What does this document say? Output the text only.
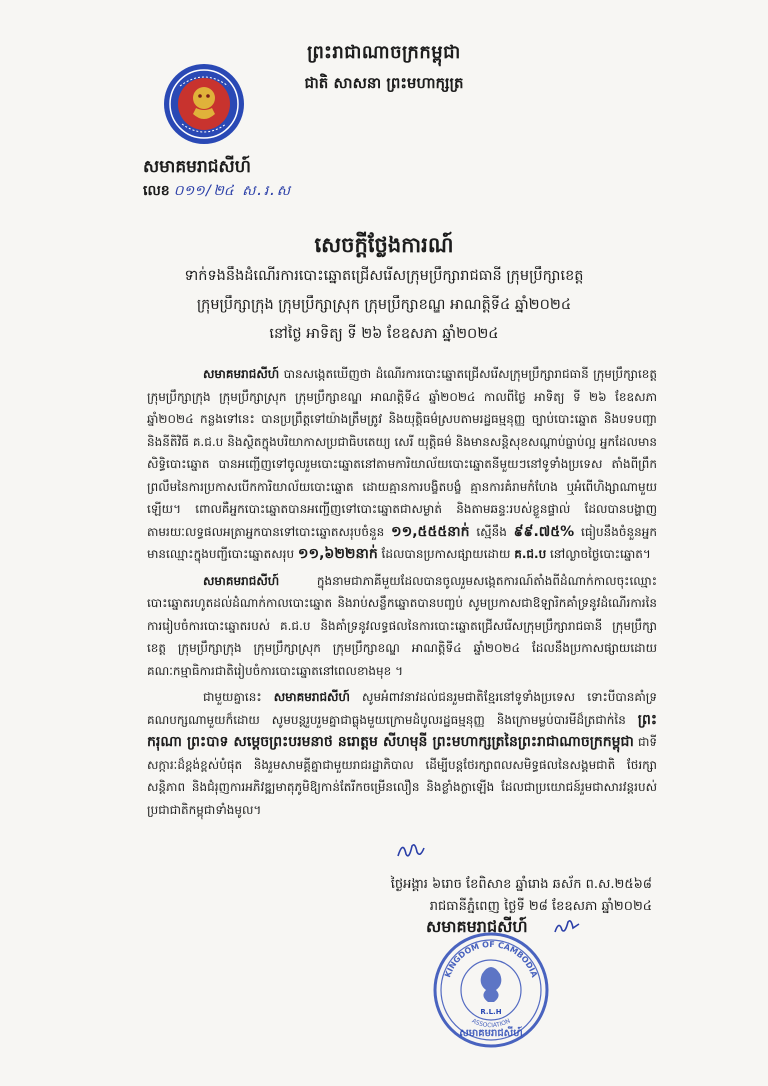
ព្រះរាជាណាចក្រកម្ពុជា
ជាតិ សាសនា ព្រះមហាក្សត្រ
សមាគមរាជសីហ៍
លេខ ០១១/២៤ ស.រ.ស
សេចក្តីថ្លែងការណ៍
ទាក់ទងនឹងដំណើរការបោះឆ្នោតជ្រើសរើសក្រុមប្រឹក្សារាជធានី ក្រុមប្រឹក្សាខេត្ត
ក្រុមប្រឹក្សាក្រុង ក្រុមប្រឹក្សាស្រុក ក្រុមប្រឹក្សាខណ្ឌ អាណត្តិទី៤ ឆ្នាំ២០២៤
នៅថ្ងៃ អាទិត្យ ទី ២៦ ខែឧសភា ឆ្នាំ២០២៤

សមាគមរាជសីហ៍ បានសង្កេតឃើញថា ដំណើរការបោះឆ្នោតជ្រើសរើសក្រុមប្រឹក្សារាជធានី ក្រុមប្រឹក្សាខេត្ត ក្រុមប្រឹក្សាក្រុង ក្រុមប្រឹក្សាស្រុក ក្រុមប្រឹក្សាខណ្ឌ អាណត្តិទី៤ ឆ្នាំ២០២៤ កាលពីថ្ងៃ អាទិត្យ ទី ២៦ ខែឧសភា ឆ្នាំ២០២៤ កន្លងទៅនេះ បានប្រព្រឹត្តទៅយ៉ាងត្រឹមត្រូវ និងយុត្តិធម៌ស្របតាមរដ្ឋធម្មនុញ្ញ ច្បាប់បោះឆ្នោត និងបទបញ្ជានិងនីតិវិធី គ.ជ.ប និងស្ថិតក្នុងបរិយាកាសប្រជាធិបតេយ្យ សេរី យុត្តិធម៌ និងមានសន្តិសុខសណ្តាប់ធ្នាប់ល្អ អ្នកដែលមានសិទ្ធិបោះឆ្នោត បានអញ្ជើញទៅចូលរួមបោះឆ្នោតនៅតាមការិយាល័យបោះឆ្នោតនីមួយៗនៅទូទាំងប្រទេស តាំងពីព្រឹកព្រលឹមនៃការប្រកាសបើកការិយាល័យបោះឆ្នោត ដោយគ្មានការបង្ខិតបង្ខំ គ្មានការគំរាមកំហែង ឬអំពើហិង្សាណាមួយឡើយ។ ពោលគឺអ្នកបោះឆ្នោតបានអញ្ជើញទៅបោះឆ្នោតជាសម្ងាត់ និងតាមឆន្ទៈរបស់ខ្លួនផ្ទាល់ ដែលបានបង្ហាញតាមរយៈលទ្ធផលអត្រាអ្នកបានទៅបោះឆ្នោតសរុបចំនួន ១១,៥៥៥នាក់ ស្មើនឹង ៩៩.៧៥% ធៀបនឹងចំនួនអ្នកមានឈ្មោះក្នុងបញ្ជីបោះឆ្នោតសរុប ១១,៦២២នាក់ ដែលបានប្រកាសផ្សាយដោយ គ.ជ.ប នៅល្ងាចថ្ងៃបោះឆ្នោត។

សមាគមរាជសីហ៍ ក្នុងនាមជាភាគីមួយដែលបានចូលរួមសង្កេតការណ៍តាំងពីដំណាក់កាលចុះឈ្មោះបោះឆ្នោតរហូតដល់ដំណាក់កាលបោះឆ្នោត និងរាប់សន្លឹកឆ្នោតបានបញ្ចប់ សូមប្រកាសជាឱឡារិកគាំទ្រនូវដំណើរការនៃការរៀបចំការបោះឆ្នោតរបស់ គ.ជ.ប និងគាំទ្រនូវលទ្ធផលនៃការបោះឆ្នោតជ្រើសរើសក្រុមប្រឹក្សារាជធានី ក្រុមប្រឹក្សាខេត្ត ក្រុមប្រឹក្សាក្រុង ក្រុមប្រឹក្សាស្រុក ក្រុមប្រឹក្សាខណ្ឌ អាណត្តិទី៤ ឆ្នាំ២០២៤ ដែលនឹងប្រកាសផ្សាយដោយគណៈកម្មាធិការជាតិរៀបចំការបោះឆ្នោតនៅពេលខាងមុខ ។

ជាមួយគ្នានេះ សមាគមរាជសីហ៍ សូមអំពាវនាវដល់ជនរួមជាតិខ្មែរនៅទូទាំងប្រទេស ទោះបីបានគាំទ្រគណបក្សណាមួយក៏ដោយ សូមបន្តរួបរួមគ្នាជាធ្លុងមួយក្រោមដំបូលរដ្ឋធម្មនុញ្ញ និងក្រោមម្លប់បារមីដ៏ត្រជាក់នៃ ព្រះករុណា ព្រះបាទ សម្តេចព្រះបរមនាថ នរោត្តម សីហមុនី ព្រះមហាក្សត្រនៃព្រះរាជាណាចក្រកម្ពុជា ជាទីសក្ការៈដ៏ខ្ពង់ខ្ពស់បំផុត និងរួមសាមគ្គីគ្នាជាមួយរាជរដ្ឋាភិបាល ដើម្បីបន្តថែរក្សាពលសមិទ្ធផលនៃសង្គមជាតិ ថែរក្សាសន្តិភាព និងជំរុញការអភិវឌ្ឍមាតុភូមិឱ្យកាន់តែរីកចម្រើនលឿន និងខ្លាំងក្លាឡើង ដែលជាប្រយោជន៍រួមជាសារវន្តរបស់ប្រជាជាតិកម្ពុជាទាំងមូល។

ថ្ងៃអង្គារ ៦រោច ខែពិសាខ ឆ្នាំរោង ឆស័ក ព.ស.២៥៦៨
រាជធានីភ្នំពេញ ថ្ងៃទី ២៨ ខែឧសភា ឆ្នាំ២០២៤
សមាគមរាជសីហ៍
KINGDOM OF CAMBODIA
ASSOCIATION
R.L.H
សមាគមរាជសីហ៍
